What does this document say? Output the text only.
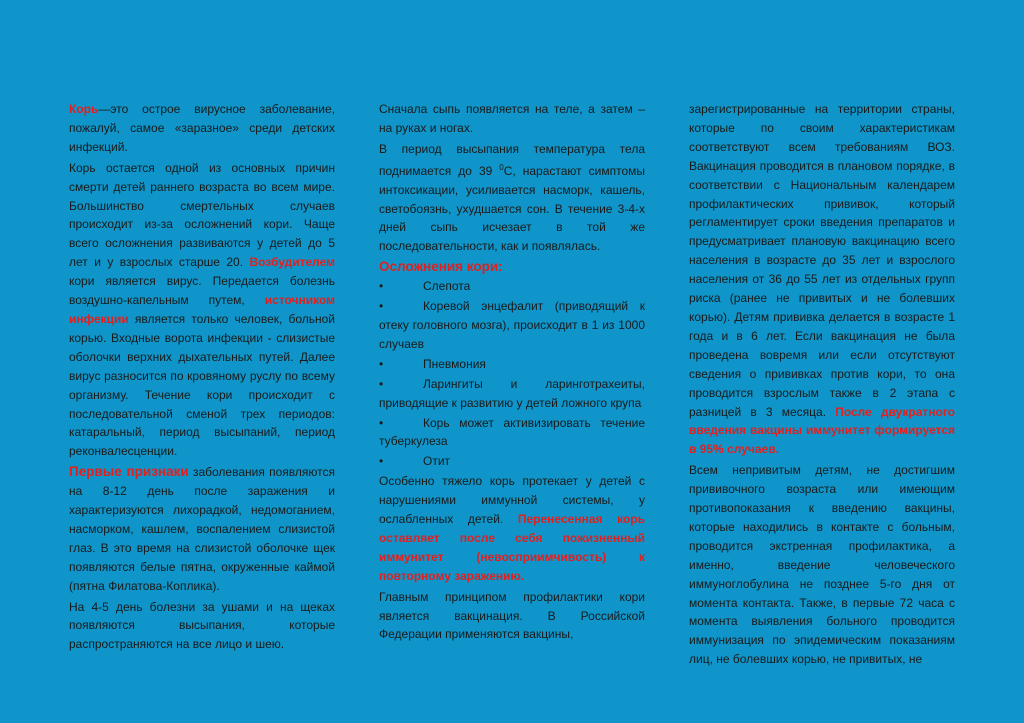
Корь—это острое вирусное заболевание, пожалуй, самое «заразное» среди детских инфекций.

Корь остается одной из основных причин смерти детей раннего возраста во всем мире. Большинство смертельных случаев происходит из-за осложнений кори. Чаще всего осложнения развиваются у детей до 5 лет и у взрослых старше 20. Возбудителем кори является вирус. Передается болезнь воздушно-капельным путем, источником инфекции является только человек, больной корью. Входные ворота инфекции - слизистые оболочки верхних дыхательных путей. Далее вирус разносится по кровяному руслу по всему организму. Течение кори происходит с последовательной сменой трех периодов: катаральный, период высыпаний, период реконвалесценции.

Первые признаки заболевания появляются на 8-12 день после заражения и характеризуются лихорадкой, недомоганием, насморком, кашлем, воспалением слизистой глаз. В это время на слизистой оболочке щек появляются белые пятна, окруженные каймой (пятна Филатова-Коплика).

На 4-5 день болезни за ушами и на щеках появляются высыпания, которые распространяются на все лицо и шею.

Сначала сыпь появляется на теле, а затем – на руках и ногах.

В период высыпания температура тела поднимается до 39 $^0$С, нарастают симптомы интоксикации, усиливается насморк, кашель, светобоязнь, ухудшается сон. В течение 3-4-х дней сыпь исчезает в той же последовательности, как и появлялась.

Осложнения кори:

•	Слепота
•	Коревой энцефалит (приводящий к отеку головного мозга), происходит в 1 из 1000 случаев
•	Пневмония
•	Ларингиты и ларинготрахеиты, приводящие к развитию у детей ложного крупа
•	Корь может активизировать течение туберкулеза
•	Отит

Особенно тяжело корь протекает у детей с нарушениями иммунной системы, у ослабленных детей. Перенесенная корь оставляет после себя пожизненный иммунитет (невосприимчивость) к повторному заражению.

Главным принципом профилактики кори является вакцинация. В Российской Федерации применяются вакцины,

зарегистрированные на территории страны, которые по своим характеристикам соответствуют всем требованиям ВОЗ. Вакцинация проводится в плановом порядке, в соответствии с Национальным календарем профилактических прививок, который регламентирует сроки введения препаратов и предусматривает плановую вакцинацию всего населения в возрасте до 35 лет и взрослого населения от 36 до 55 лет из отдельных групп риска (ранее не привитых и не болевших корью). Детям прививка делается в возрасте 1 года и в 6 лет. Если вакцинация не была проведена вовремя или если отсутствуют сведения о прививках против кори, то она проводится взрослым также в 2 этапа с разницей в 3 месяца. После двукратного введения вакцины иммунитет формируется в 95% случаев.

Всем непривитым детям, не достигшим прививочного возраста или имеющим противопоказания к введению вакцины, которые находились в контакте с больным, проводится экстренная профилактика, а именно, введение человеческого иммуноглобулина не позднее 5-го дня от момента контакта. Также, в первые 72 часа с момента выявления больного проводится иммунизация по эпидемическим показаниям лиц, не болевших корью, не привитых, не
